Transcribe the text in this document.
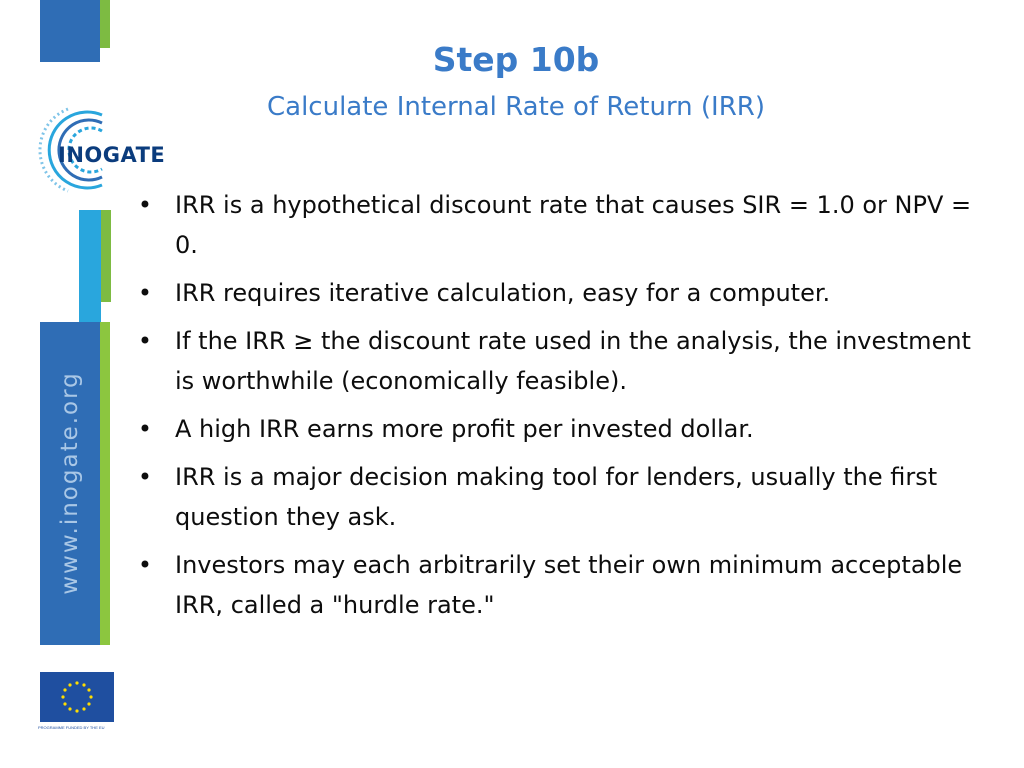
www.inogate.org
INOGATE
PROGRAMME FUNDED BY THE EU
Step 10b
Calculate Internal Rate of Return (IRR)
• IRR is a hypothetical discount rate that causes SIR = 1.0 or NPV = 0.
• IRR requires iterative calculation, easy for a computer.
• If the IRR ≥ the discount rate used in the analysis, the investment is worthwhile (economically feasible).
• A high IRR earns more profit per invested dollar.
• IRR is a major decision making tool for lenders, usually the first question they ask.
• Investors may each arbitrarily set their own minimum acceptable IRR, called a "hurdle rate."
